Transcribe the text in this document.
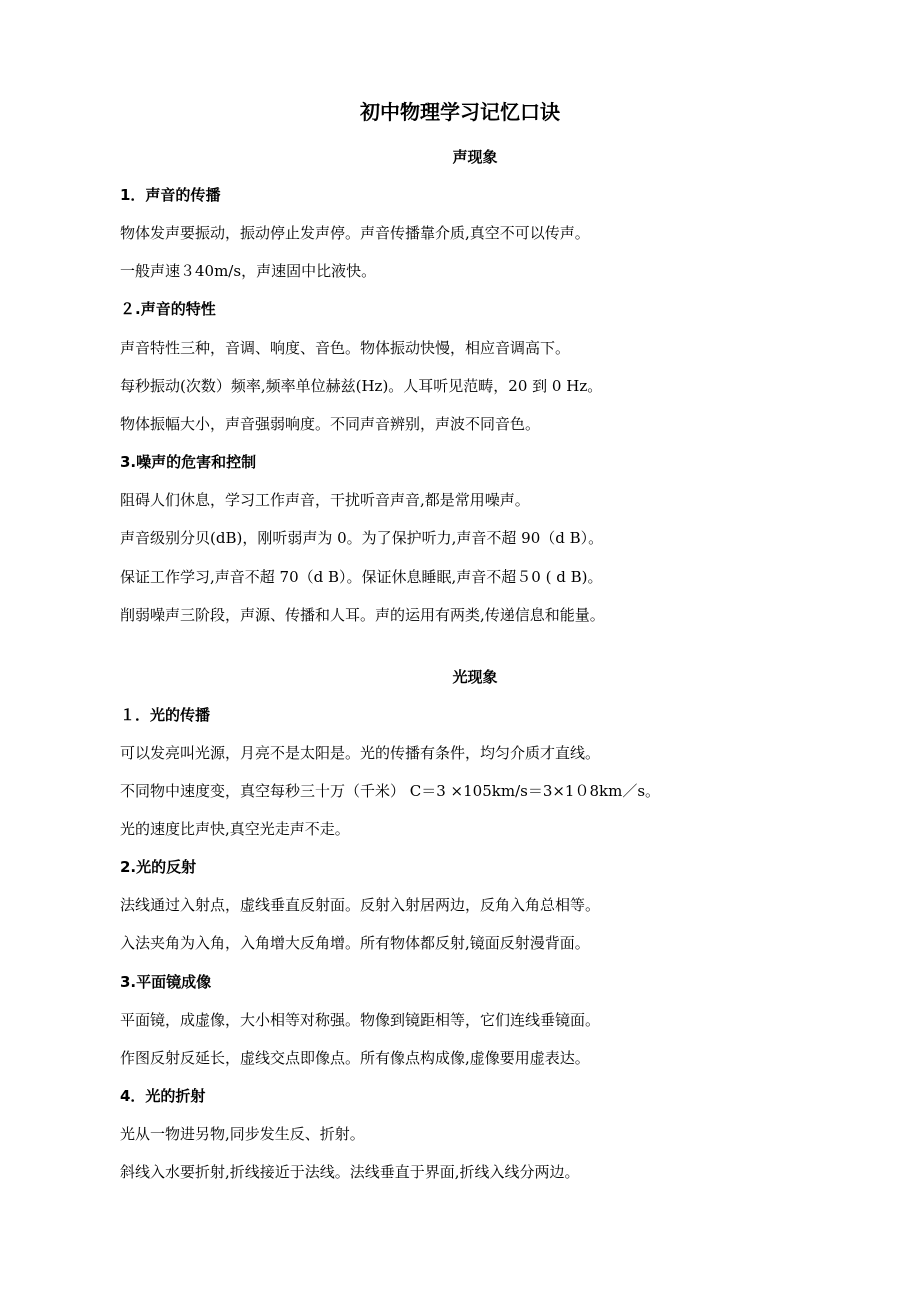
初中物理学习记忆口诀
声现象
1．声音的传播
物体发声要振动，振动停止发声停。声音传播靠介质,真空不可以传声。
一般声速３40m/s，声速固中比液快。
２.声音的特性
声音特性三种，音调、响度、音色。物体振动快慢，相应音调高下。
每秒振动(次数）频率,频率单位赫兹(Hz)。人耳听见范畴，20 到 0 Hz。
物体振幅大小，声音强弱响度。不同声音辨别，声波不同音色。
3.噪声的危害和控制
阻碍人们休息，学习工作声音，干扰听音声音,都是常用噪声。
声音级别分贝(dB)，刚听弱声为 0。为了保护听力,声音不超 90（d B）。
保证工作学习,声音不超 70（d B）。保证休息睡眠,声音不超５0 ( d B)。
削弱噪声三阶段，声源、传播和人耳。声的运用有两类,传递信息和能量。
光现象
１．光的传播
可以发亮叫光源，月亮不是太阳是。光的传播有条件，均匀介质才直线。
不同物中速度变，真空每秒三十万（千米） C＝3 ×105km/s＝3×1０8km／s。
光的速度比声快,真空光走声不走。
2.光的反射
法线通过入射点，虚线垂直反射面。反射入射居两边，反角入角总相等。
入法夹角为入角，入角增大反角增。所有物体都反射,镜面反射漫背面。
3.平面镜成像
平面镜，成虚像，大小相等对称强。物像到镜距相等，它们连线垂镜面。
作图反射反延长，虚线交点即像点。所有像点构成像,虚像要用虚表达。
4．光的折射
光从一物进另物,同步发生反、折射。
斜线入水要折射,折线接近于法线。法线垂直于界面,折线入线分两边。
